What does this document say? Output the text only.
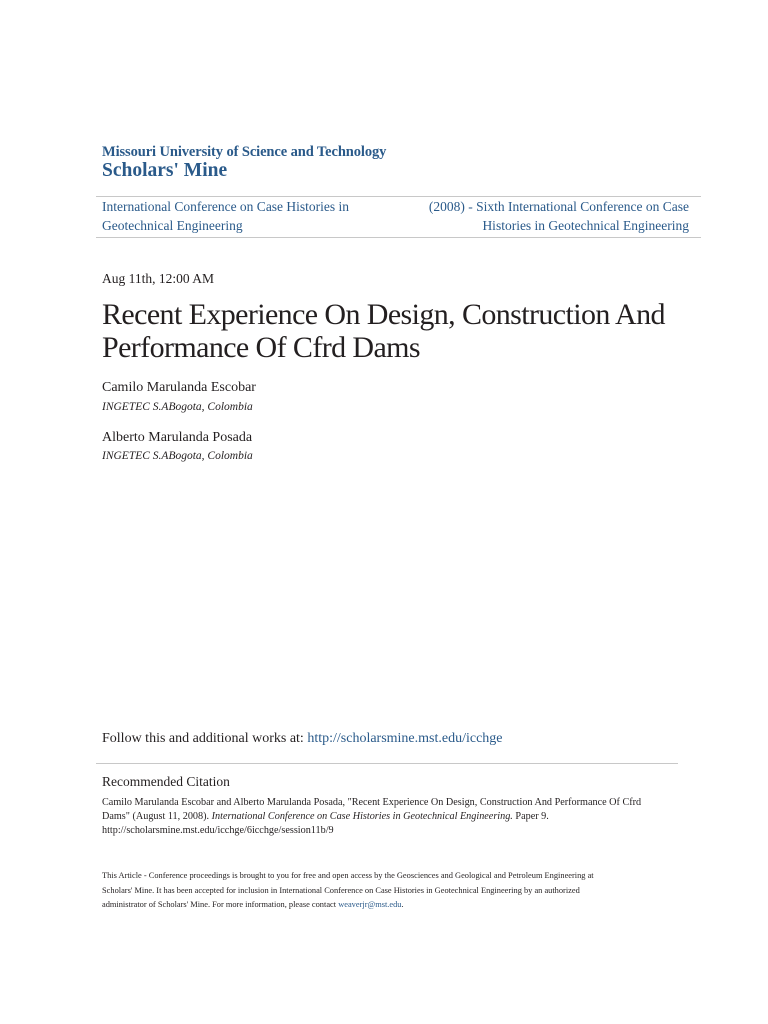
Missouri University of Science and Technology
Scholars' Mine
International Conference on Case Histories in
Geotechnical Engineering
(2008) - Sixth International Conference on Case
Histories in Geotechnical Engineering
Aug 11th, 12:00 AM
Recent Experience On Design, Construction And
Performance Of Cfrd Dams
Camilo Marulanda Escobar
INGETEC S.ABogota, Colombia
Alberto Marulanda Posada
INGETEC S.ABogota, Colombia
Follow this and additional works at: http://scholarsmine.mst.edu/icchge
Recommended Citation
Camilo Marulanda Escobar and Alberto Marulanda Posada, "Recent Experience On Design, Construction And Performance Of Cfrd
Dams" (August 11, 2008). International Conference on Case Histories in Geotechnical Engineering. Paper 9.
http://scholarsmine.mst.edu/icchge/6icchge/session11b/9
This Article - Conference proceedings is brought to you for free and open access by the Geosciences and Geological and Petroleum Engineering at
Scholars' Mine. It has been accepted for inclusion in International Conference on Case Histories in Geotechnical Engineering by an authorized
administrator of Scholars' Mine. For more information, please contact weaverjr@mst.edu.
